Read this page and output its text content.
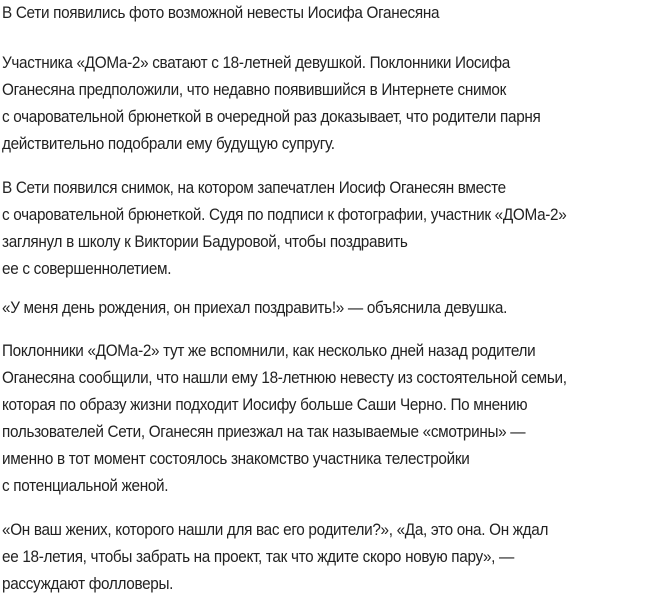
В Сети появились фото возможной невесты Иосифа Оганесяна
Участника «ДОМа-2» сватают с 18-летней девушкой. Поклонники Иосифа
Оганесяна предположили, что недавно появившийся в Интернете снимок
с очаровательной брюнеткой в очередной раз доказывает, что родители парня
действительно подобрали ему будущую супругу.
В Сети появился снимок, на котором запечатлен Иосиф Оганесян вместе
с очаровательной брюнеткой. Судя по подписи к фотографии, участник «ДОМа-2»
заглянул в школу к Виктории Бадуровой, чтобы поздравить
ее с совершеннолетием.
«У меня день рождения, он приехал поздравить!» — объяснила девушка.
Поклонники «ДОМа-2» тут же вспомнили, как несколько дней назад родители
Оганесяна сообщили, что нашли ему 18-летнюю невесту из состоятельной семьи,
которая по образу жизни подходит Иосифу больше Саши Черно. По мнению
пользователей Сети, Оганесян приезжал на так называемые «смотрины» —
именно в тот момент состоялось знакомство участника телестройки
с потенциальной женой.
«Он ваш жених, которого нашли для вас его родители?», «Да, это она. Он ждал
ее 18-летия, чтобы забрать на проект, так что ждите скоро новую пару», —
рассуждают фолловеры.
